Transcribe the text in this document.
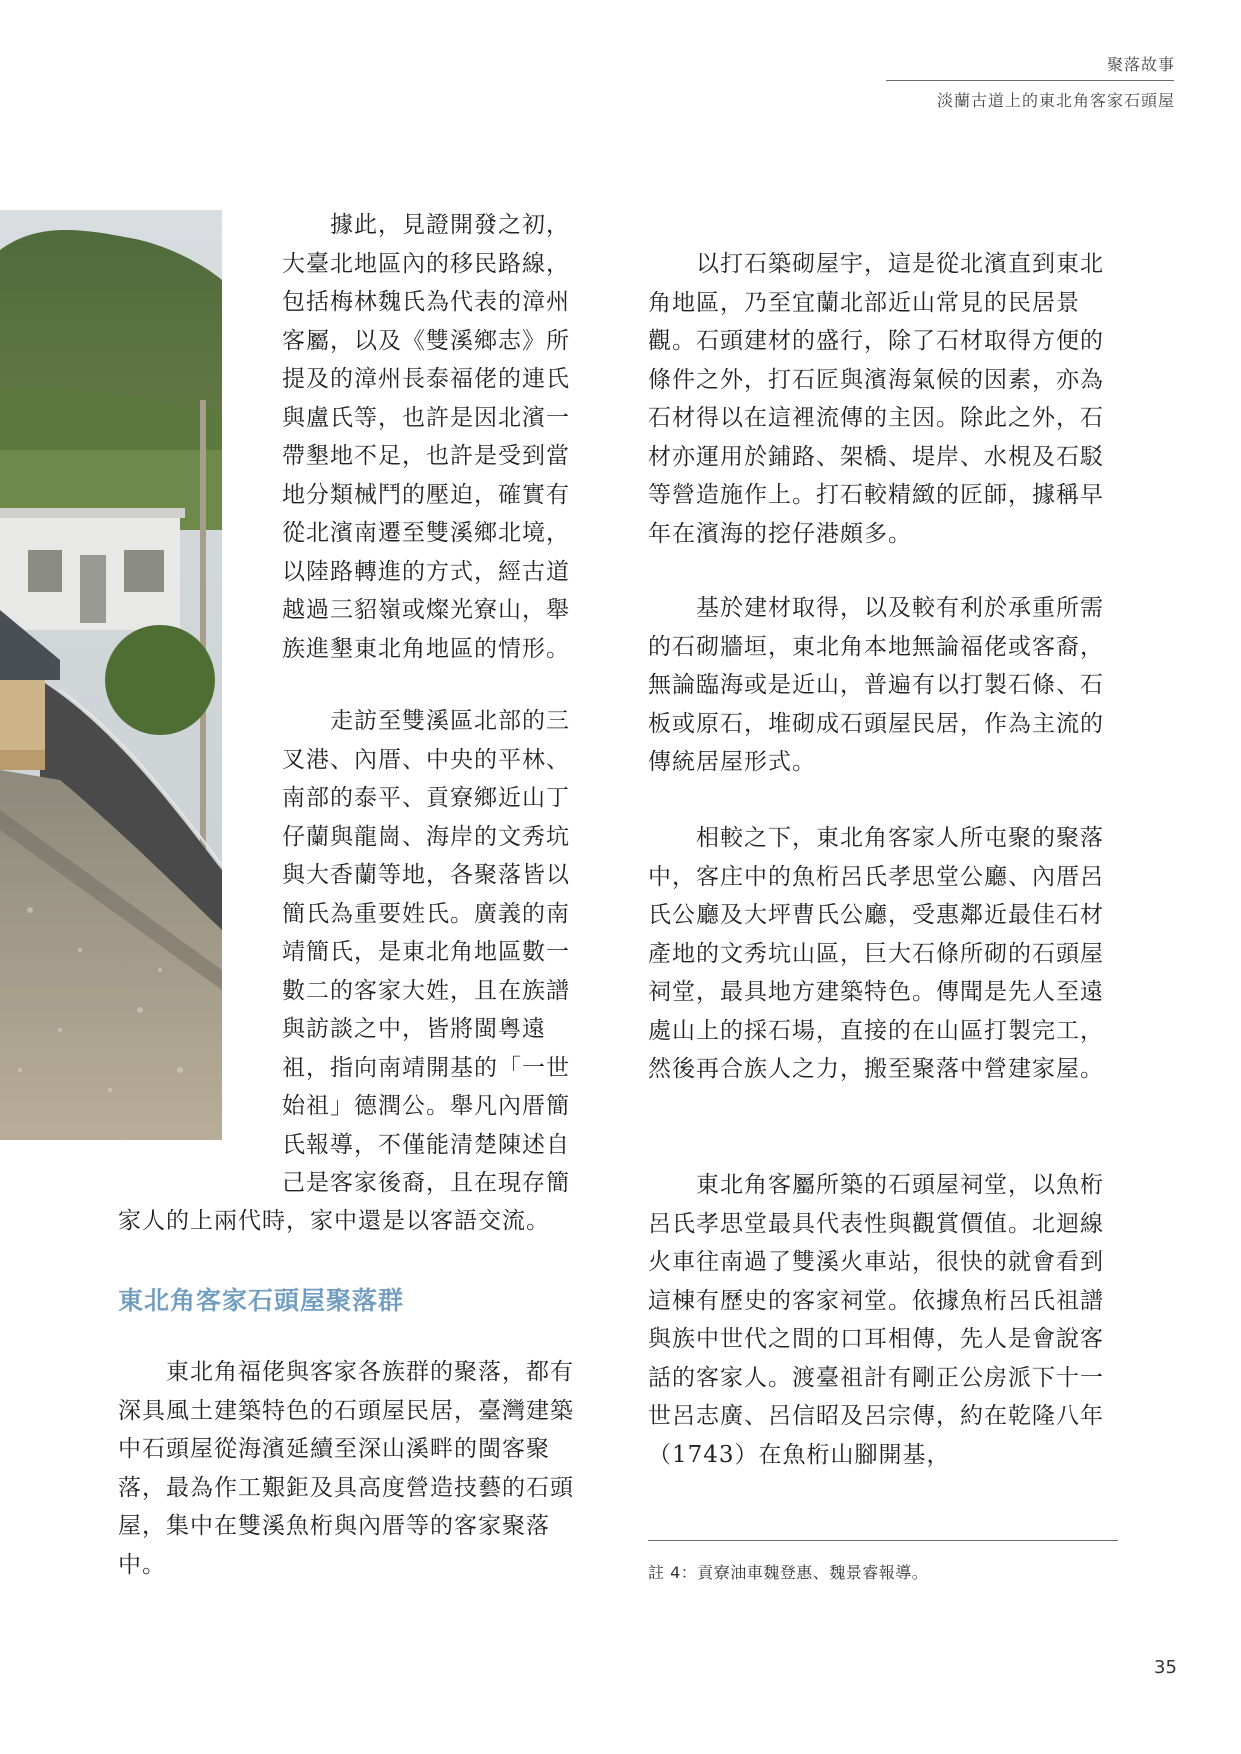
聚落故事
淡蘭古道上的東北角客家石頭屋

　　據此，見證開發之初，大臺北地區內的移民路線，包括梅林魏氏為代表的漳州客屬，以及《雙溪鄉志》所提及的漳州長泰福佬的連氏與盧氏等，也許是因北濱一帶墾地不足，也許是受到當地分類械鬥的壓迫，確實有從北濱南遷至雙溪鄉北境，以陸路轉進的方式，經古道越過三貂嶺或燦光寮山，舉族進墾東北角地區的情形。

　　走訪至雙溪區北部的三叉港、內厝、中央的平林、南部的泰平、貢寮鄉近山丁仔蘭與龍崗、海岸的文秀坑與大香蘭等地，各聚落皆以簡氏為重要姓氏。廣義的南靖簡氏，是東北角地區數一數二的客家大姓，且在族譜與訪談之中，皆將閩粵遠祖，指向南靖開基的「一世始祖」德潤公。舉凡內厝簡氏報導，不僅能清楚陳述自己是客家後裔，且在現存簡

家人的上兩代時，家中還是以客語交流。

東北角客家石頭屋聚落群

　　東北角福佬與客家各族群的聚落，都有深具風土建築特色的石頭屋民居，臺灣建築中石頭屋從海濱延續至深山溪畔的閩客聚落，最為作工艱鉅及具高度營造技藝的石頭屋，集中在雙溪魚桁與內厝等的客家聚落中。

　　以打石築砌屋宇，這是從北濱直到東北角地區，乃至宜蘭北部近山常見的民居景觀。石頭建材的盛行，除了石材取得方便的條件之外，打石匠與濱海氣候的因素，亦為石材得以在這裡流傳的主因。除此之外，石材亦運用於鋪路、架橋、堤岸、水梘及石駁等營造施作上。打石較精緻的匠師，據稱早年在濱海的挖仔港頗多。

　　基於建材取得，以及較有利於承重所需的石砌牆垣，東北角本地無論福佬或客裔，無論臨海或是近山，普遍有以打製石條、石板或原石，堆砌成石頭屋民居，作為主流的傳統居屋形式。

　　相較之下，東北角客家人所屯聚的聚落中，客庄中的魚桁呂氏孝思堂公廳、內厝呂氏公廳及大坪曹氏公廳，受惠鄰近最佳石材產地的文秀坑山區，巨大石條所砌的石頭屋祠堂，最具地方建築特色。傳聞是先人至遠處山上的採石場，直接的在山區打製完工，然後再合族人之力，搬至聚落中營建家屋。

　　東北角客屬所築的石頭屋祠堂，以魚桁呂氏孝思堂最具代表性與觀賞價值。北迴線火車往南過了雙溪火車站，很快的就會看到這棟有歷史的客家祠堂。依據魚桁呂氏祖譜與族中世代之間的口耳相傳，先人是會說客話的客家人。渡臺祖計有剛正公房派下十一世呂志廣、呂信昭及呂宗傳，約在乾隆八年（1743）在魚桁山腳開基，

註 4：貢寮油車魏登惠、魏景睿報導。
35
